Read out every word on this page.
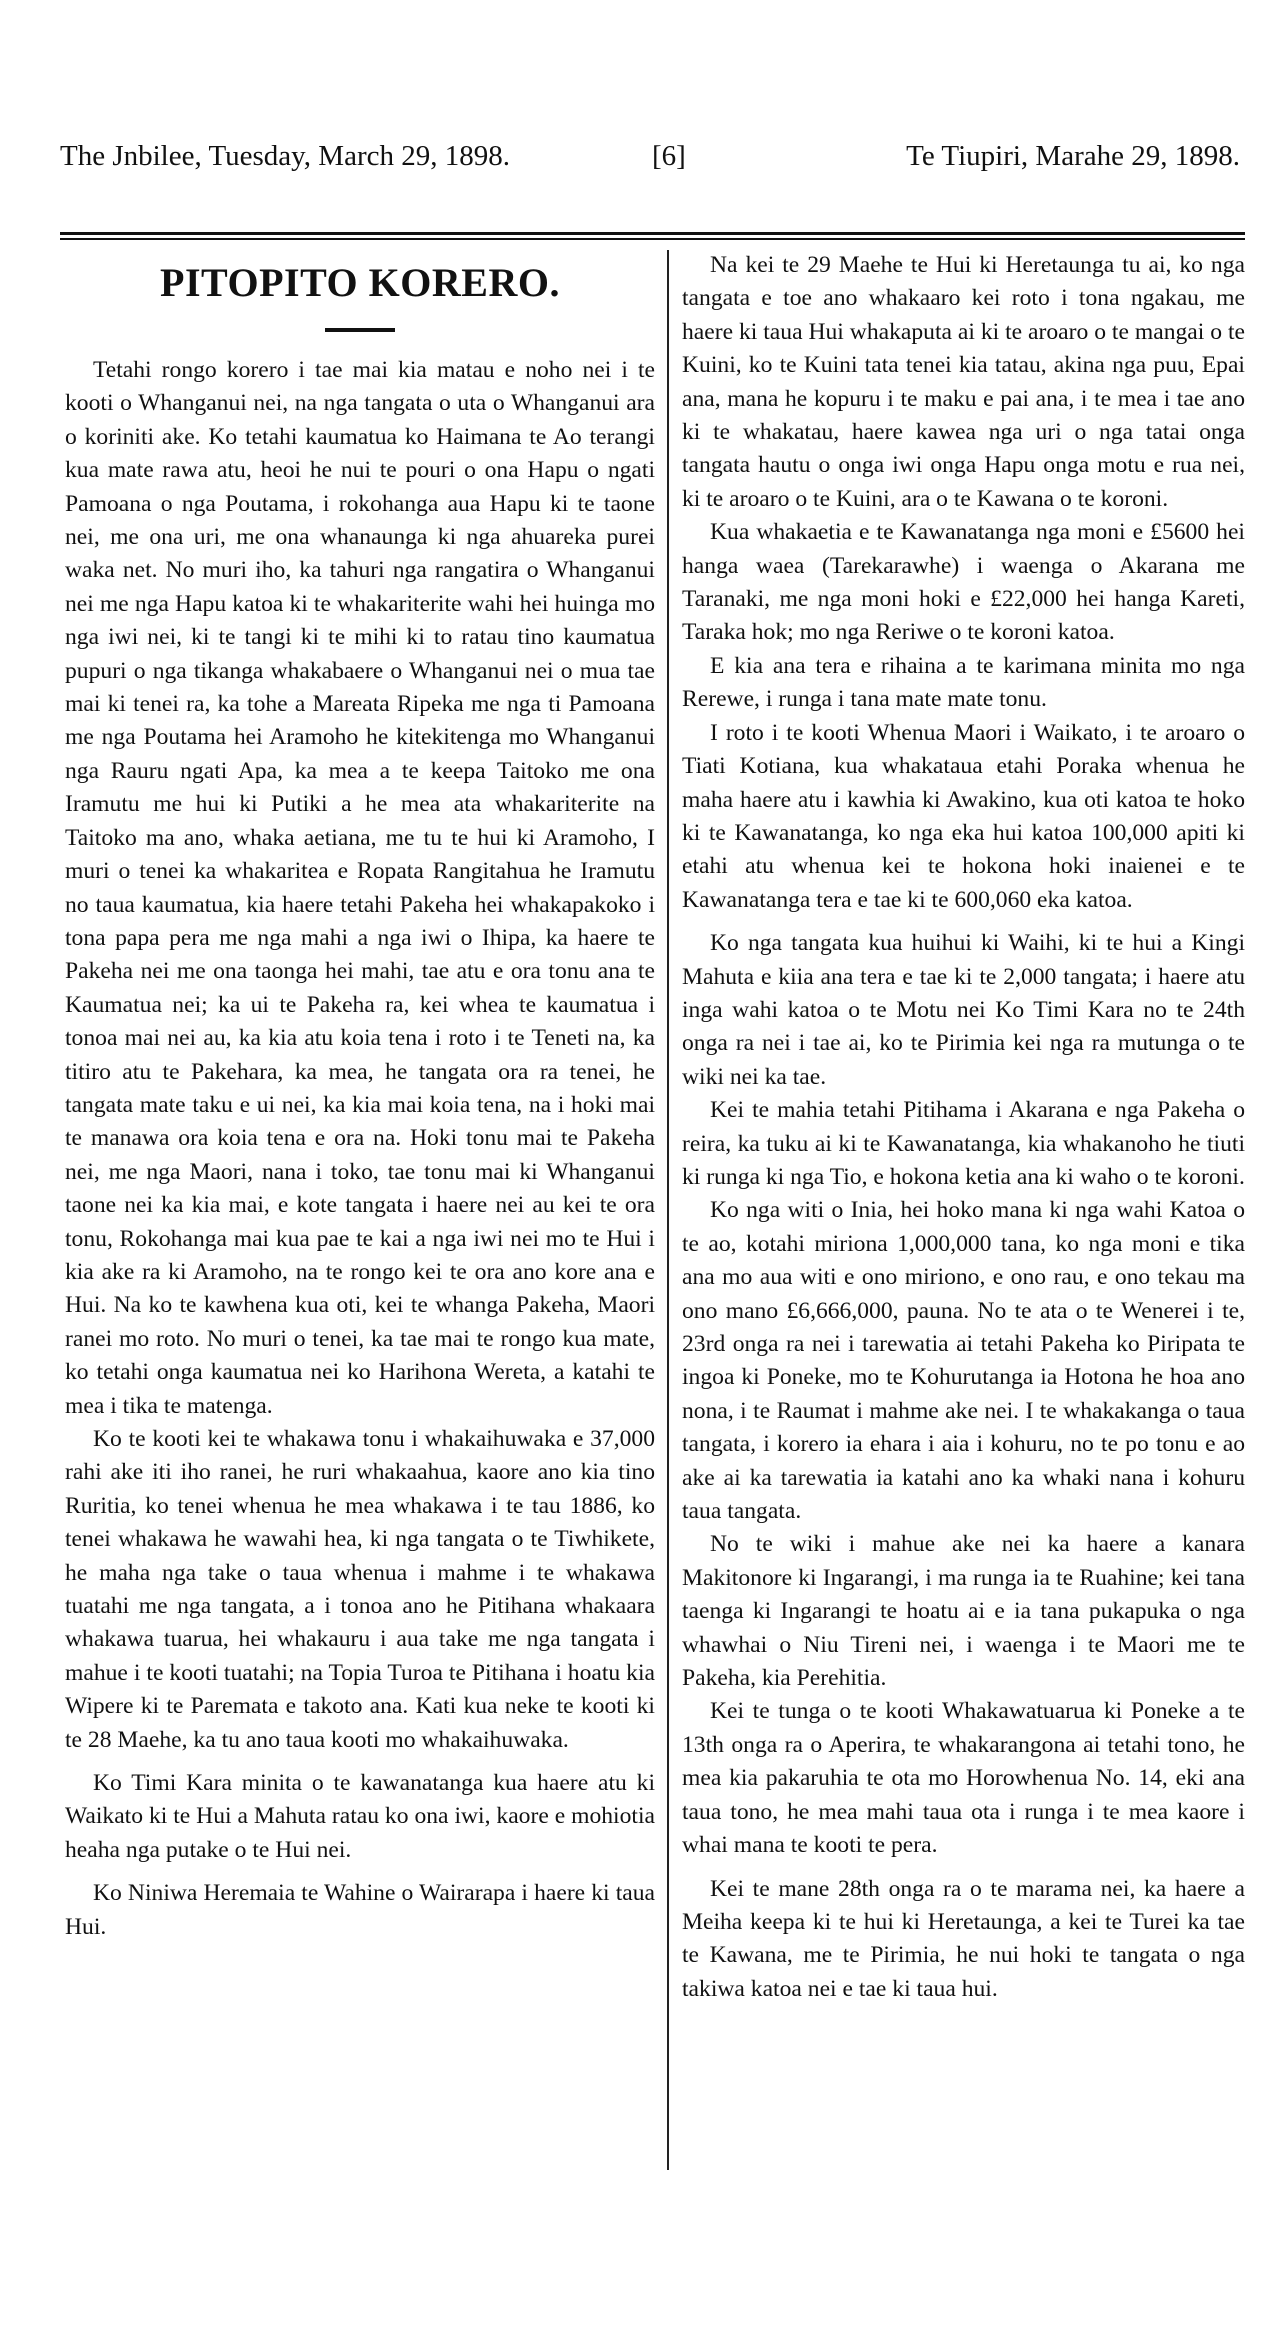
The Jnbilee, Tuesday, March 29, 1898.	[6]	Te Tiupiri, Marahe 29, 1898.
PITOPITO KORERO.

Tetahi rongo korero i tae mai kia matau e noho nei i te kooti o Whanganui nei, na nga tangata o uta o Whanganui ara o koriniti ake. Ko tetahi kaumatua ko Haimana te Ao terangi kua mate rawa atu, heoi he nui te pouri o ona Hapu o ngati Pamoana o nga Poutama, i rokohanga aua Hapu ki te taone nei, me ona uri, me ona whanaunga ki nga ahuareka purei waka net. No muri iho, ka tahuri nga rangatira o Whanganui nei me nga Hapu katoa ki te whakariterite wahi hei huinga mo nga iwi nei, ki te tangi ki te mihi ki to ratau tino kaumatua pupuri o nga tikanga whakabaere o Whanganui nei o mua tae mai ki tenei ra, ka tohe a Mareata Ripeka me nga ti Pamoana me nga Poutama hei Aramoho he kitekitenga mo Whanganui nga Rauru ngati Apa, ka mea a te keepa Taitoko me ona Iramutu me hui ki Putiki a he mea ata whakariterite na Taitoko ma ano, whaka aetiana, me tu te hui ki Aramoho, I muri o tenei ka whakaritea e Ropata Rangitahua he Iramutu no taua kaumatua, kia haere tetahi Pakeha hei whakapakoko i tona papa pera me nga mahi a nga iwi o Ihipa, ka haere te Pakeha nei me ona taonga hei mahi, tae atu e ora tonu ana te Kaumatua nei; ka ui te Pakeha ra, kei whea te kaumatua i tonoa mai nei au, ka kia atu koia tena i roto i te Teneti na, ka titiro atu te Pakehara, ka mea, he tangata ora ra tenei, he tangata mate taku e ui nei, ka kia mai koia tena, na i hoki mai te manawa ora koia tena e ora na. Hoki tonu mai te Pakeha nei, me nga Maori, nana i toko, tae tonu mai ki Whanganui taone nei ka kia mai, e kote tangata i haere nei au kei te ora tonu, Rokohanga mai kua pae te kai a nga iwi nei mo te Hui i kia ake ra ki Aramoho, na te rongo kei te ora ano kore ana e Hui. Na ko te kawhena kua oti, kei te whanga Pakeha, Maori ranei mo roto. No muri o tenei, ka tae mai te rongo kua mate, ko tetahi onga kaumatua nei ko Harihona Wereta, a katahi te mea i tika te matenga.

Ko te kooti kei te whakawa tonu i whakaihuwaka e 37,000 rahi ake iti iho ranei, he ruri whakaahua, kaore ano kia tino Ruritia, ko tenei whenua he mea whakawa i te tau 1886, ko tenei whakawa he wawahi hea, ki nga tangata o te Tiwhikete, he maha nga take o taua whenua i mahme i te whakawa tuatahi me nga tangata, a i tonoa ano he Pitihana whakaara whakawa tuarua, hei whakauru i aua take me nga tangata i mahue i te kooti tuatahi; na Topia Turoa te Pitihana i hoatu kia Wipere ki te Paremata e takoto ana. Kati kua neke te kooti ki te 28 Maehe, ka tu ano taua kooti mo whakaihuwaka.

Ko Timi Kara minita o te kawanatanga kua haere atu ki Waikato ki te Hui a Mahuta ratau ko ona iwi, kaore e mohiotia heaha nga putake o te Hui nei.

Ko Niniwa Heremaia te Wahine o Wairarapa i haere ki taua Hui.

Na kei te 29 Maehe te Hui ki Heretaunga tu ai, ko nga tangata e toe ano whakaaro kei roto i tona ngakau, me haere ki taua Hui whakaputa ai ki te aroaro o te mangai o te Kuini, ko te Kuini tata tenei kia tatau, akina nga puu, Epai ana, mana he kopuru i te maku e pai ana, i te mea i tae ano ki te whakatau, haere kawea nga uri o nga tatai onga tangata hautu o onga iwi onga Hapu onga motu e rua nei, ki te aroaro o te Kuini, ara o te Kawana o te koroni.

Kua whakaetia e te Kawanatanga nga moni e £5600 hei hanga waea (Tarekarawhe) i waenga o Akarana me Taranaki, me nga moni hoki e £22,000 hei hanga Kareti, Taraka hok; mo nga Reriwe o te koroni katoa.

E kia ana tera e rihaina a te karimana minita mo nga Rerewe, i runga i tana mate mate tonu.

I roto i te kooti Whenua Maori i Waikato, i te aroaro o Tiati Kotiana, kua whakataua etahi Poraka whenua he maha haere atu i kawhia ki Awakino, kua oti katoa te hoko ki te Kawanatanga, ko nga eka hui katoa 100,000 apiti ki etahi atu whenua kei te hokona hoki inaienei e te Kawanatanga tera e tae ki te 600,060 eka katoa.

Ko nga tangata kua huihui ki Waihi, ki te hui a Kingi Mahuta e kiia ana tera e tae ki te 2,000 tangata; i haere atu inga wahi katoa o te Motu nei Ko Timi Kara no te 24th onga ra nei i tae ai, ko te Pirimia kei nga ra mutunga o te wiki nei ka tae.

Kei te mahia tetahi Pitihama i Akarana e nga Pakeha o reira, ka tuku ai ki te Kawanatanga, kia whakanoho he tiuti ki runga ki nga Tio, e hokona ketia ana ki waho o te koroni.

Ko nga witi o Inia, hei hoko mana ki nga wahi Katoa o te ao, kotahi miriona 1,000,000 tana, ko nga moni e tika ana mo aua witi e ono miriono, e ono rau, e ono tekau ma ono mano £6,666,000, pauna. No te ata o te Wenerei i te, 23rd onga ra nei i tarewatia ai tetahi Pakeha ko Piripata te ingoa ki Poneke, mo te Kohurutanga ia Hotona he hoa ano nona, i te Raumat i mahme ake nei. I te whakakanga o taua tangata, i korero ia ehara i aia i kohuru, no te po tonu e ao ake ai ka tarewatia ia katahi ano ka whaki nana i kohuru taua tangata.

No te wiki i mahue ake nei ka haere a kanara Makitonore ki Ingarangi, i ma runga ia te Ruahine; kei tana taenga ki Ingarangi te hoatu ai e ia tana pukapuka o nga whawhai o Niu Tireni nei, i waenga i te Maori me te Pakeha, kia Perehitia.

Kei te tunga o te kooti Whakawatuarua ki Poneke a te 13th onga ra o Aperira, te whakarangona ai tetahi tono, he mea kia pakaruhia te ota mo Horowhenua No. 14, eki ana taua tono, he mea mahi taua ota i runga i te mea kaore i whai mana te kooti te pera.

Kei te mane 28th onga ra o te marama nei, ka haere a Meiha keepa ki te hui ki Heretaunga, a kei te Turei ka tae te Kawana, me te Pirimia, he nui hoki te tangata o nga takiwa katoa nei e tae ki taua hui.
